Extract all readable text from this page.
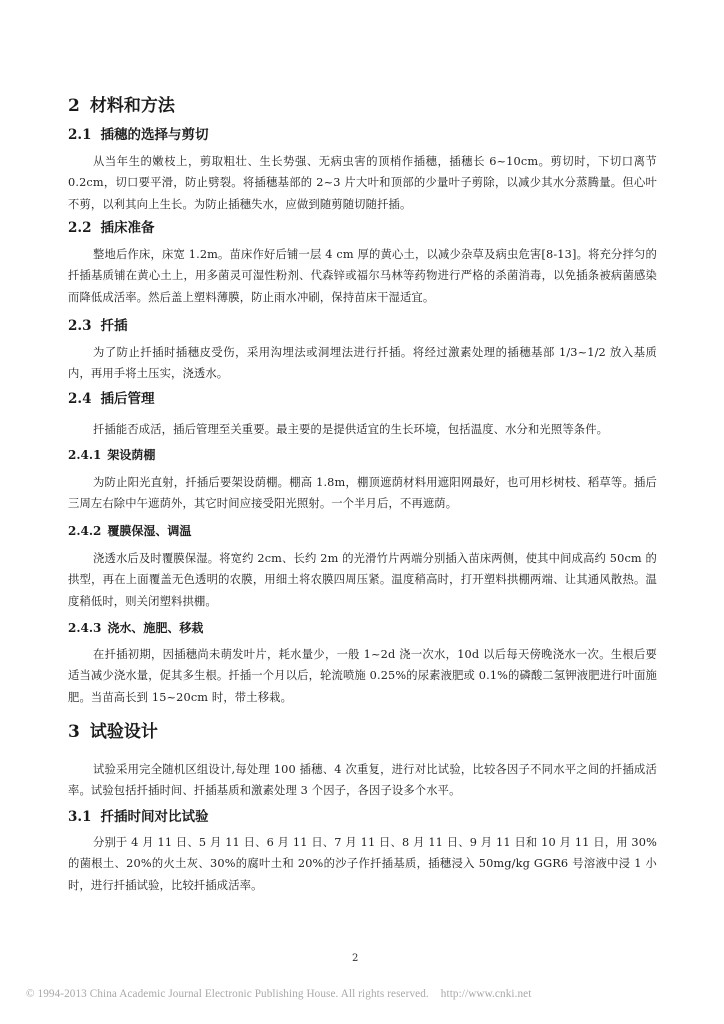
2 材料和方法
2.1 插穗的选择与剪切
从当年生的嫩枝上，剪取粗壮、生长势强、无病虫害的顶梢作插穗，插穗长 6~10cm。剪切时，下切口离节 0.2cm，切口要平滑，防止劈裂。将插穗基部的 2~3 片大叶和顶部的少量叶子剪除，以减少其水分蒸腾量。但心叶不剪，以利其向上生长。为防止插穗失水，应做到随剪随切随扦插。
2.2 插床准备
整地后作床，床宽 1.2m。苗床作好后铺一层 4 cm 厚的黄心土，以减少杂草及病虫危害[8-13]。将充分拌匀的扦插基质铺在黄心土上，用多菌灵可湿性粉剂、代森锌或福尔马林等药物进行严格的杀菌消毒，以免插条被病菌感染而降低成活率。然后盖上塑料薄膜，防止雨水冲刷，保持苗床干湿适宜。
2.3 扦插
为了防止扦插时插穗皮受伤，采用沟埋法或洞埋法进行扦插。将经过激素处理的插穗基部 1/3~1/2 放入基质内，再用手将土压实，浇透水。
2.4 插后管理
扦插能否成活，插后管理至关重要。最主要的是提供适宜的生长环境，包括温度、水分和光照等条件。
2.4.1 架设荫棚
为防止阳光直射，扦插后要架设荫棚。棚高 1.8m，棚顶遮荫材料用遮阳网最好，也可用杉树枝、稻草等。插后三周左右除中午遮荫外，其它时间应接受阳光照射。一个半月后，不再遮荫。
2.4.2 覆膜保湿、调温
浇透水后及时覆膜保湿。将宽约 2cm、长约 2m 的光滑竹片两端分别插入苗床两侧，使其中间成高约 50cm 的拱型，再在上面覆盖无色透明的农膜，用细土将农膜四周压紧。温度稍高时，打开塑料拱棚两端、让其通风散热。温度稍低时，则关闭塑料拱棚。
2.4.3 浇水、施肥、移栽
在扦插初期，因插穗尚未萌发叶片，耗水量少，一般 1~2d 浇一次水，10d 以后每天傍晚浇水一次。生根后要适当减少浇水量，促其多生根。扦插一个月以后，轮流喷施 0.25%的尿素液肥或 0.1%的磷酸二氢钾液肥进行叶面施肥。当苗高长到 15~20cm 时，带土移栽。
3 试验设计
试验采用完全随机区组设计,每处理 100 插穗、4 次重复，进行对比试验，比较各因子不同水平之间的扦插成活率。试验包括扦插时间、扦插基质和激素处理 3 个因子，各因子设多个水平。
3.1 扦插时间对比试验
分别于 4 月 11 日、5 月 11 日、6 月 11 日、7 月 11 日、8 月 11 日、9 月 11 日和 10 月 11 日，用 30%的菌根土、20%的火土灰、30%的腐叶土和 20%的沙子作扦插基质，插穗浸入 50mg/kg GGR6 号溶液中浸 1 小时，进行扦插试验，比较扦插成活率。
2
© 1994-2013 China Academic Journal Electronic Publishing House. All rights reserved. http://www.cnki.net
